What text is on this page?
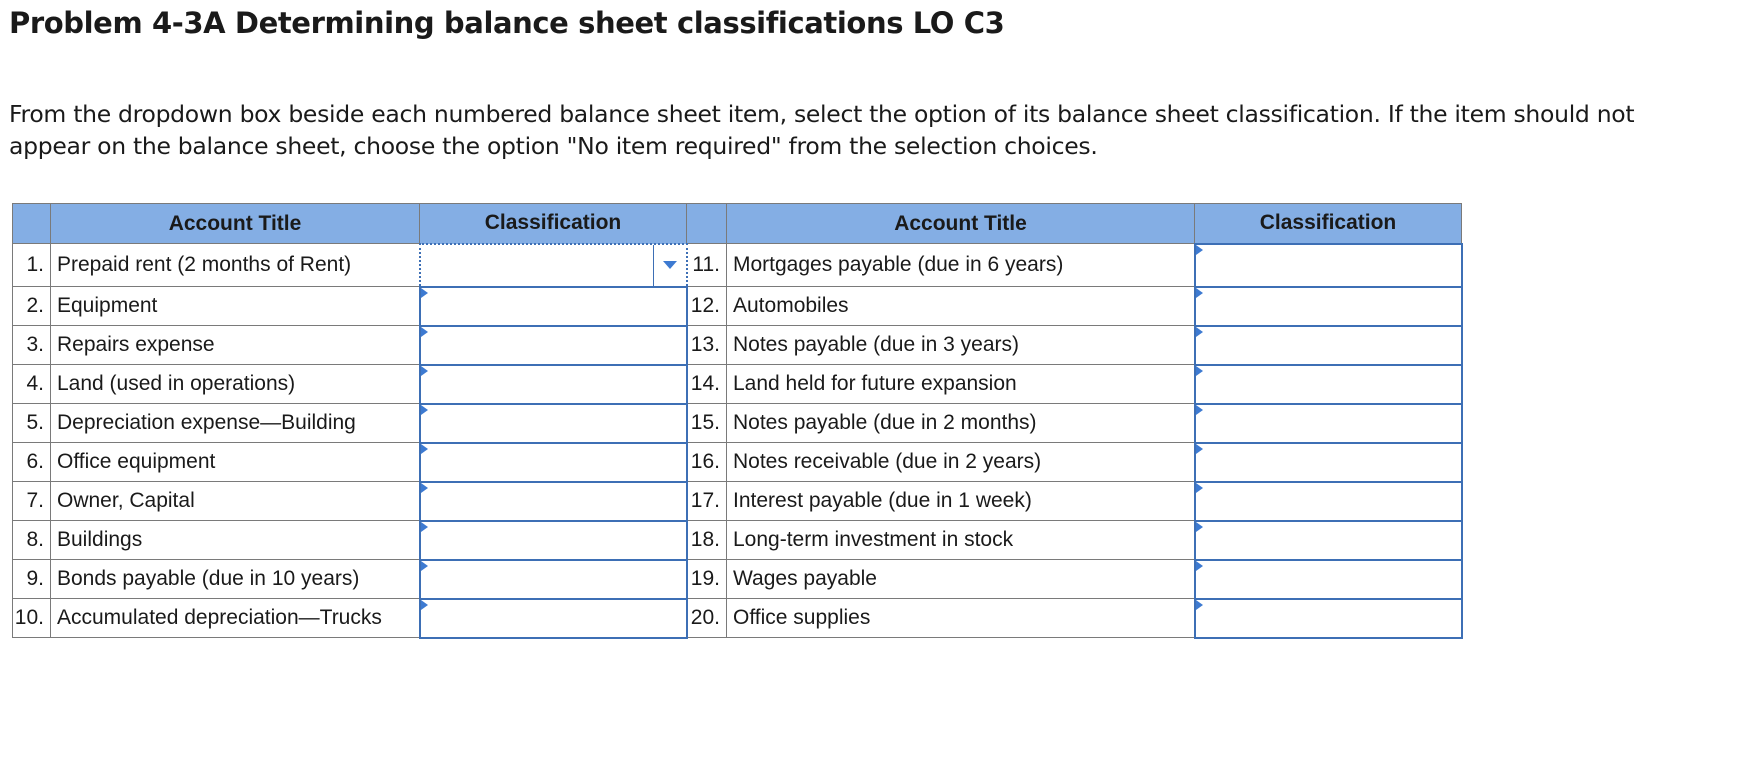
Problem 4-3A Determining balance sheet classifications LO C3

From the dropdown box beside each numbered balance sheet item, select the option of its balance sheet classification. If the item should not appear on the balance sheet, choose the option "No item required" from the selection choices.

	Account Title	Classification		Account Title	Classification
1.	Prepaid rent (2 months of Rent)		11.	Mortgages payable (due in 6 years)	

2.	Equipment		12.	Automobiles	

3.	Repairs expense		13.	Notes payable (due in 3 years)	

4.	Land (used in operations)		14.	Land held for future expansion	

5.	Depreciation expense—Building		15.	Notes payable (due in 2 months)	

6.	Office equipment		16.	Notes receivable (due in 2 years)	

7.	Owner, Capital		17.	Interest payable (due in 1 week)	

8.	Buildings		18.	Long-term investment in stock	

9.	Bonds payable (due in 10 years)		19.	Wages payable	

10.	Accumulated depreciation—Trucks		20.	Office supplies	
